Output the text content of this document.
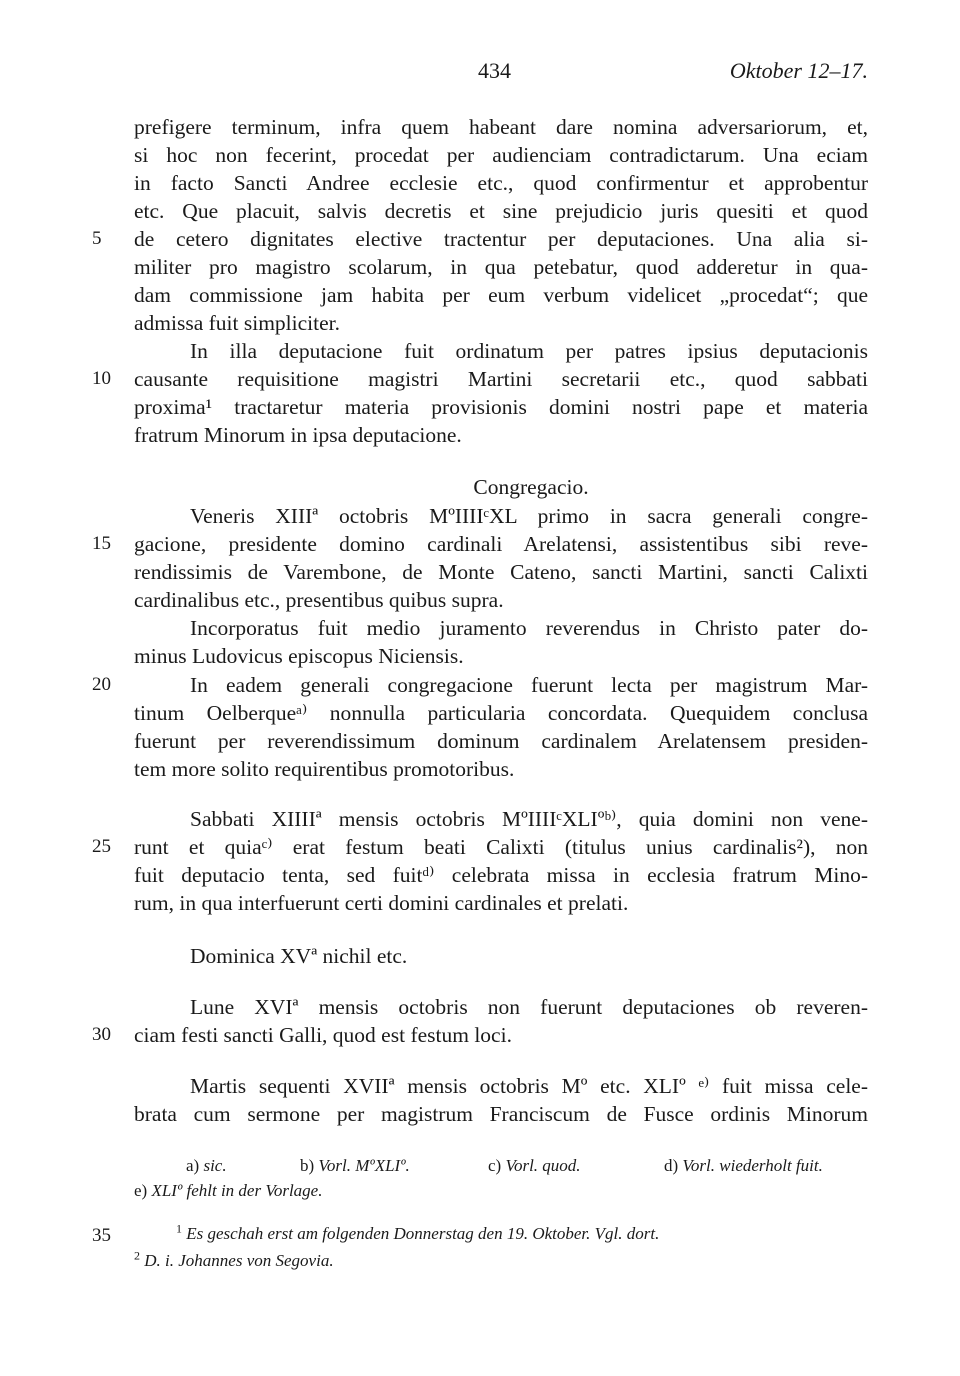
434	Oktober 12–17.
prefigere terminum, infra quem habeant dare nomina adversariorum, et,
si hoc non fecerint, procedat per audienciam contradictarum. Una eciam
in facto Sancti Andree ecclesie etc., quod confirmentur et approbentur
etc. Que placuit, salvis decretis et sine prejudicio juris quesiti et quod
de cetero dignitates elective tractentur per deputaciones. Una alia si-
militer pro magistro scolarum, in qua petebatur, quod adderetur in qua-
dam commissione jam habita per eum verbum videlicet „procedat“; que
admissa fuit simpliciter.
In illa deputacione fuit ordinatum per patres ipsius deputacionis
causante requisitione magistri Martini secretarii etc., quod sabbati
proxima¹ tractaretur materia provisionis domini nostri pape et materia
fratrum Minorum in ipsa deputacione.
Congregacio.
Veneris XIIIª octobris MºIIIIᶜXL primo in sacra generali congre-
gacione, presidente domino cardinali Arelatensi, assistentibus sibi reve-
rendissimis de Varembone, de Monte Cateno, sancti Martini, sancti Calixti
cardinalibus etc., presentibus quibus supra.
Incorporatus fuit medio juramento reverendus in Christo pater do-
minus Ludovicus episcopus Niciensis.
In eadem generali congregacione fuerunt lecta per magistrum Mar-
tinum Oelberqueᵃ⁾ nonnulla particularia concordata. Quequidem conclusa
fuerunt per reverendissimum dominum cardinalem Arelatensem presiden-
tem more solito requirentibus promotoribus.
Sabbati XIIIIª mensis octobris MºIIIIᶜXLIºᵇ⁾, quia domini non vene-
runt et quiaᶜ⁾ erat festum beati Calixti (titulus unius cardinalis²), non
fuit deputacio tenta, sed fuitᵈ⁾ celebrata missa in ecclesia fratrum Mino-
rum, in qua interfuerunt certi domini cardinales et prelati.
Dominica XVª nichil etc.
Lune XVIª mensis octobris non fuerunt deputaciones ob reveren-
ciam festi sancti Galli, quod est festum loci.
Martis sequenti XVIIª mensis octobris Mº etc. XLIº ᵉ⁾ fuit missa cele-
brata cum sermone per magistrum Franciscum de Fusce ordinis Minorum
5
10
15
20
25
30
35
a) sic.	b) Vorl. MºXLIº.	c) Vorl. quod.	d) Vorl. wiederholt fuit.
e) XLIº fehlt in der Vorlage.
$^1$ Es geschah erst am folgenden Donnerstag den 19. Oktober. Vgl. dort.
$^2$ D. i. Johannes von Segovia.
